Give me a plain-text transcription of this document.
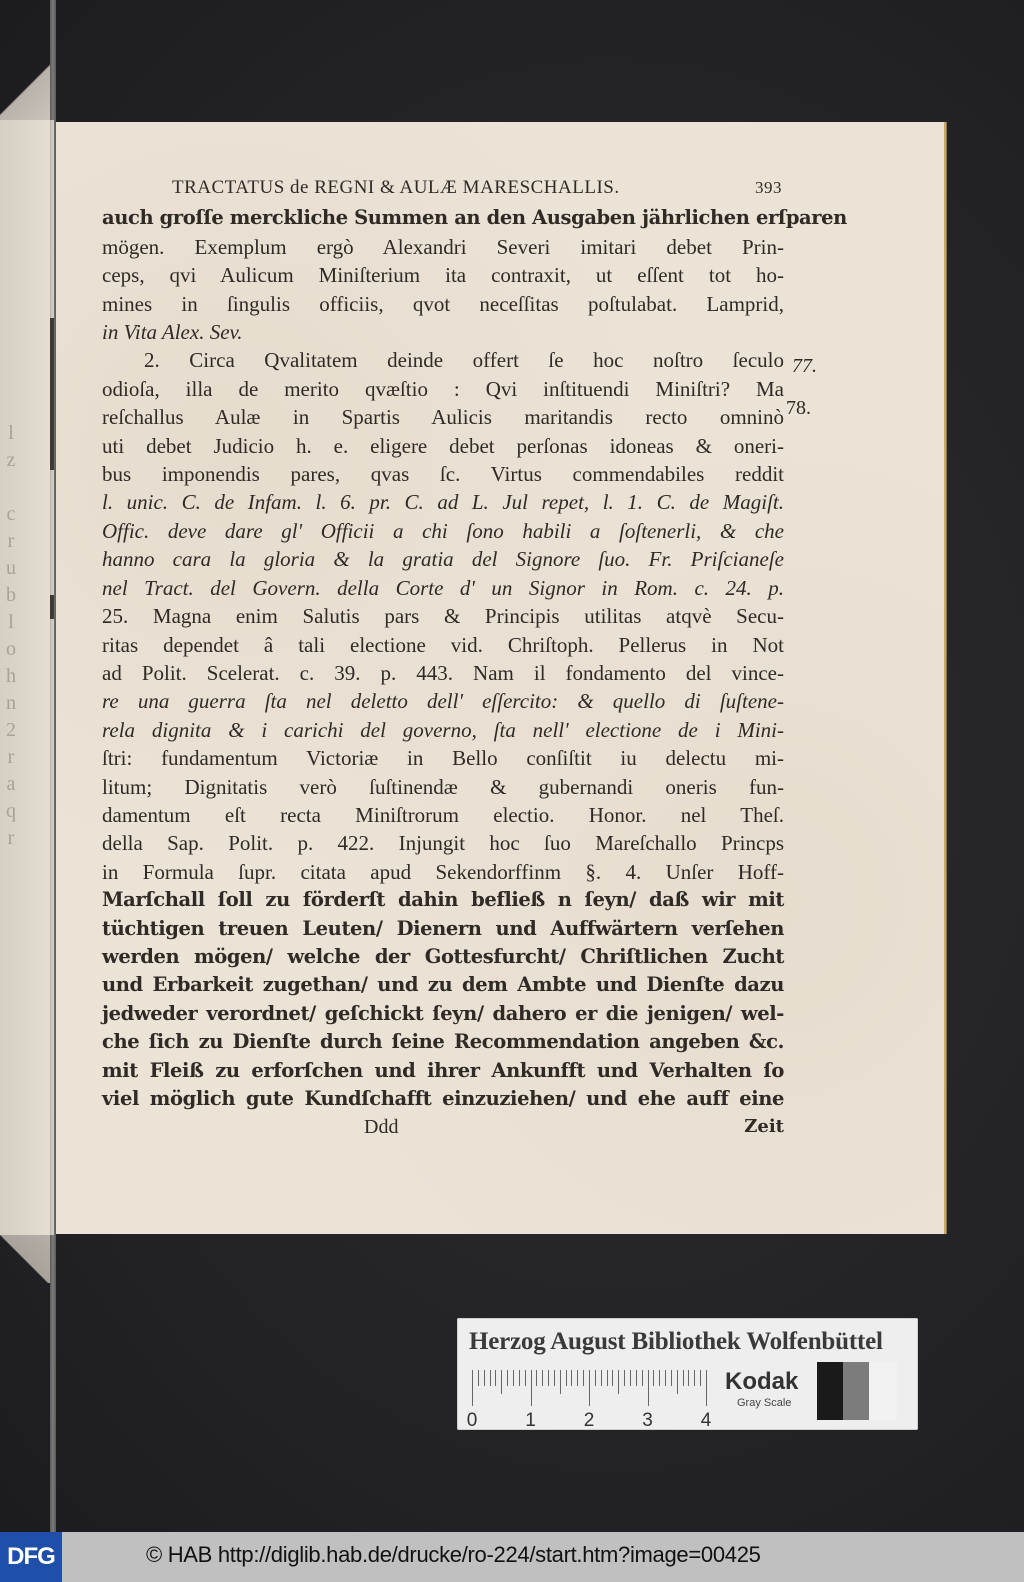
l
z
c
r
u
b
l
o
h
n
2
r
a
q
r
TRACTATUS de REGNI & AULÆ MARESCHALLIS.	393
auch groſſe merckliche Summen an den Ausgaben jährlichen erſparen
mögen. Exemplum ergò Alexandri Severi imitari debet Prin-
ceps, qvi Aulicum Miniſterium ita contraxit, ut eſſent tot ho-
mines in ſingulis officiis, qvot neceſſitas poſtulabat. Lamprid,
in Vita Alex. Sev.
2. Circa Qvalitatem deinde offert ſe hoc noſtro ſeculo
odioſa, illa de merito qvæſtio : Qvi inſtituendi Miniſtri? Ma
reſchallus Aulæ in Spartis Aulicis maritandis recto omninò
uti debet Judicio h. e. eligere debet perſonas idoneas & oneri-
bus imponendis pares, qvas ſc. Virtus commendabiles reddit
l. unic. C. de Infam. l. 6. pr. C. ad L. Jul repet, l. 1. C. de Magiſt.
Offic. deve dare gl' Officii a chi ſono habili a ſoſtenerli, & che
hanno cara la gloria & la gratia del Signore ſuo. Fr. Priſcianeſe
nel Tract. del Govern. della Corte d' un Signor in Rom. c. 24. p.
25. Magna enim Salutis pars & Principis utilitas atqvè Secu-
ritas dependet â tali electione vid. Chriſtoph. Pellerus in Not
ad Polit. Scelerat. c. 39. p. 443. Nam il fondamento del vince-
re una guerra ſta nel deletto dell' eſſercito: & quello di ſuſtene-
rela dignita & i carichi del governo, ſta nell' electione de i Mini-
ſtri: fundamentum Victoriæ in Bello conſiſtit iu delectu mi-
litum; Dignitatis verò ſuſtinendæ & gubernandi oneris fun-
damentum eſt recta Miniſtrorum electio. Honor. nel Theſ.
della Sap. Polit. p. 422. Injungit hoc ſuo Mareſchallo Princps
in Formula ſupr. citata apud Sekendorffinm §. 4. Unſer Hoff-
Marſchall ſoll zu förderſt dahin befließ n ſeyn/ daß wir mit
tüchtigen treuen Leuten/ Dienern und Auffwärtern verſehen
werden mögen/ welche der Gottesfurcht/ Chriſtlichen Zucht
und Erbarkeit zugethan/ und zu dem Ambte und Dienſte dazu
jedweder verordnet/ geſchickt ſeyn/ dahero er die jenigen/ wel-
che ſich zu Dienſte durch ſeine Recommendation angeben &c.
mit Fleiß zu erforſchen und ihrer Ankunfft und Verhalten ſo
viel möglich gute Kundſchafft einzuziehen/ und ehe auff eine
Ddd	Zeit
77.
78.
Herzog August Bibliothek Wolfenbüttel
0	1	2	3	4
Kodak
Gray Scale
DFG	© HAB http://diglib.hab.de/drucke/ro-224/start.htm?image=00425
